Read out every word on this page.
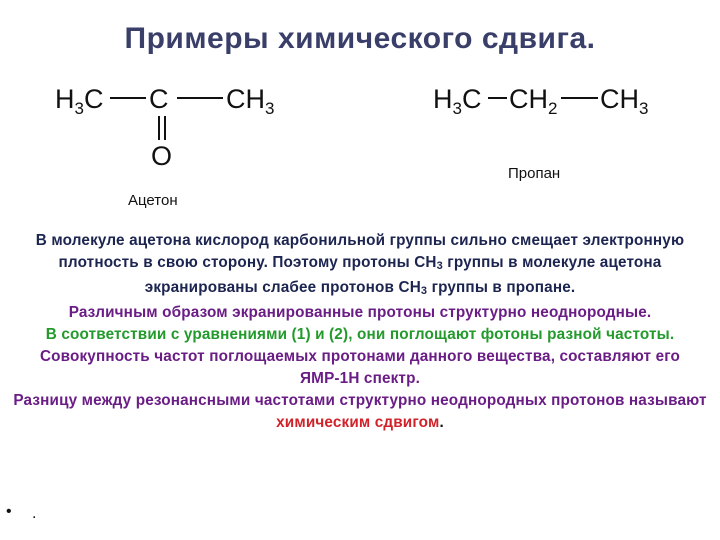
Примеры химического сдвига.
$H_3C$ C $CH_3$
O
Ацетон
$H_3C$ $CH_2$ $CH_3$
Пропан

В молекуле ацетона кислород карбонильной группы сильно смещает электронную плотность в свою сторону. Поэтому протоны $CH_3$ группы в молекуле ацетона экранированы слабее протонов $CH_3$ группы в пропане.

Различным образом экранированные протоны структурно неоднородные.

В соответствии с уравнениями (1) и (2), они поглощают фотоны разной частоты.

Совокупность частот поглощаемых протонами данного вещества, составляют его ЯМР-1Н спектр.

Разницу между резонансными частотами структурно неоднородных протонов называют химическим сдвигом.

• .
